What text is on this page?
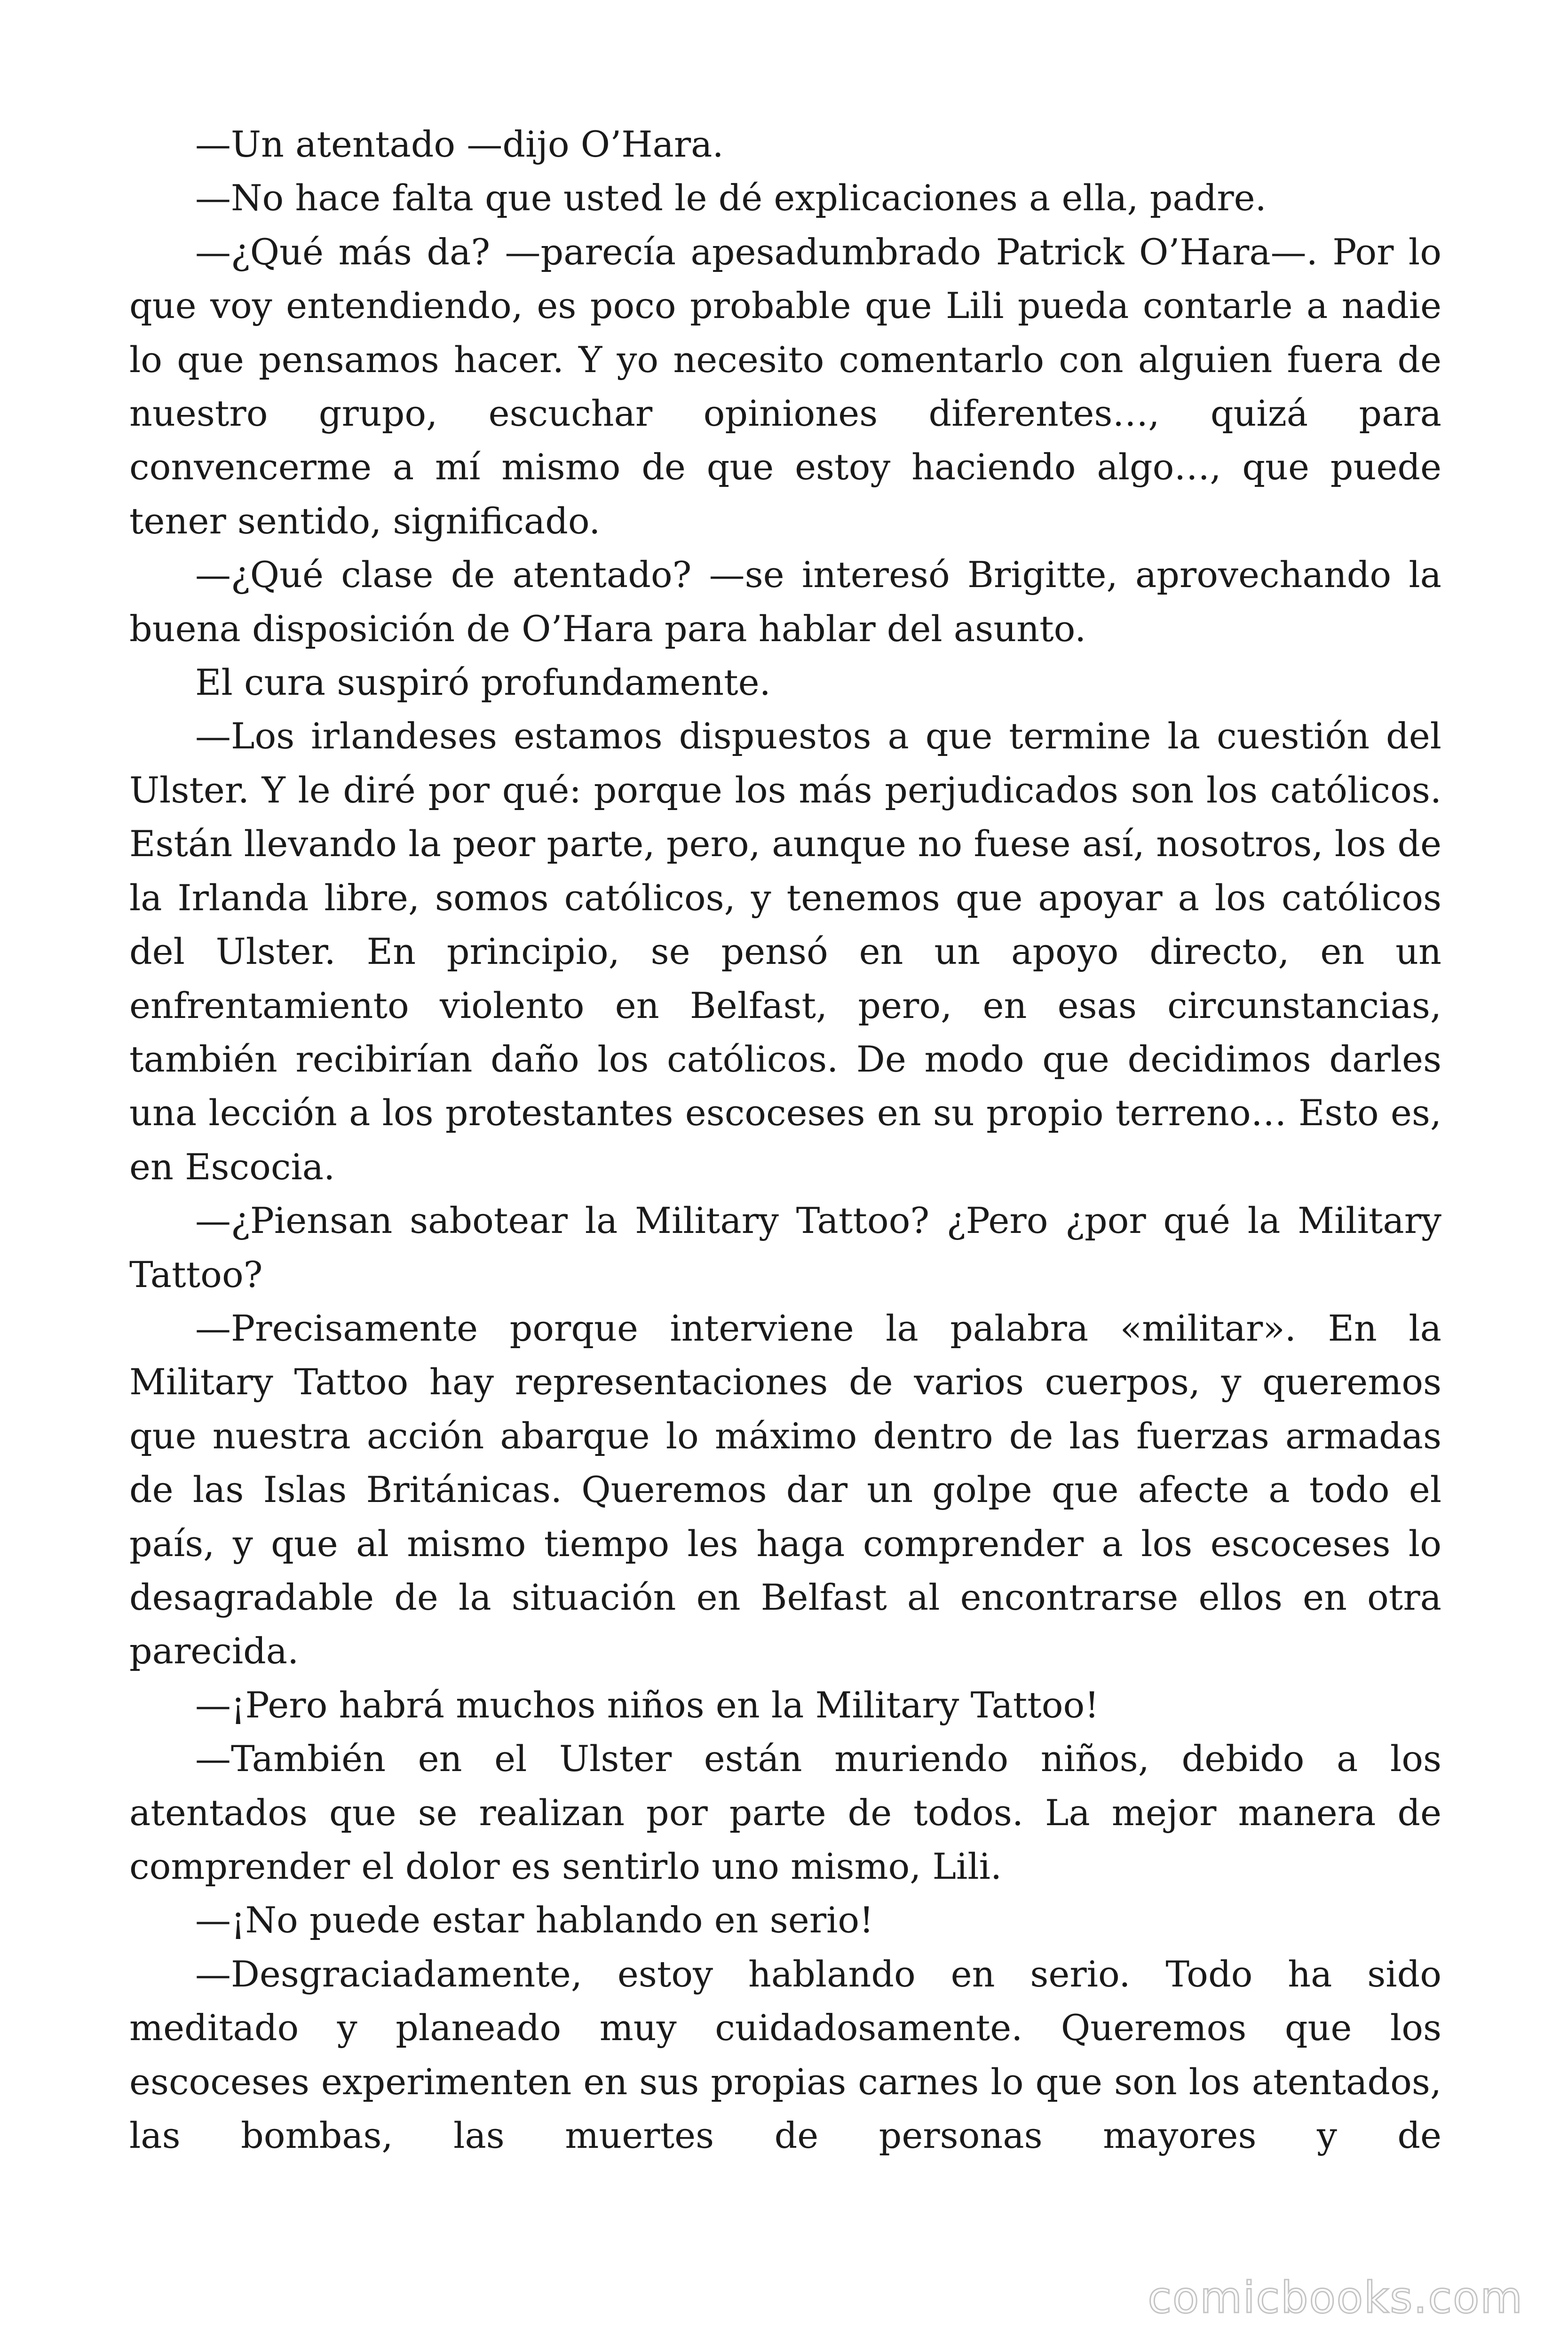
—Un atentado —dijo O’Hara.

—No hace falta que usted le dé explicaciones a ella, padre.

—¿Qué más da? —parecía apesadumbrado Patrick O’Hara—. Por lo que voy entendiendo, es poco probable que Lili pueda contarle a nadie lo que pensamos hacer. Y yo necesito comentarlo con alguien fuera de nuestro grupo, escuchar opiniones diferentes…, quizá para convencerme a mí mismo de que estoy haciendo algo…, que puede tener sentido, significado.

—¿Qué clase de atentado? —se interesó Brigitte, aprovechando la buena disposición de O’Hara para hablar del asunto.

El cura suspiró profundamente.

—Los irlandeses estamos dispuestos a que termine la cuestión del Ulster. Y le diré por qué: porque los más perjudicados son los católicos. Están llevando la peor parte, pero, aunque no fuese así, nosotros, los de la Irlanda libre, somos católicos, y tenemos que apoyar a los católicos del Ulster. En principio, se pensó en un apoyo directo, en un enfrentamiento violento en Belfast, pero, en esas circunstancias, también recibirían daño los católicos. De modo que decidimos darles una lección a los protestantes escoceses en su propio terreno… Esto es, en Escocia.

—¿Piensan sabotear la Military Tattoo? ¿Pero ¿por qué la Military Tattoo?

—Precisamente porque interviene la palabra «militar». En la Military Tattoo hay representaciones de varios cuerpos, y queremos que nuestra acción abarque lo máximo dentro de las fuerzas armadas de las Islas Británicas. Queremos dar un golpe que afecte a todo el país, y que al mismo tiempo les haga comprender a los escoceses lo desagradable de la situación en Belfast al encontrarse ellos en otra parecida.

—¡Pero habrá muchos niños en la Military Tattoo!

—También en el Ulster están muriendo niños, debido a los atentados que se realizan por parte de todos. La mejor manera de comprender el dolor es sentirlo uno mismo, Lili.

—¡No puede estar hablando en serio!

—Desgraciadamente, estoy hablando en serio. Todo ha sido meditado y planeado muy cuidadosamente. Queremos que los escoceses experimenten en sus propias carnes lo que son los atentados, las bombas, las muertes de personas mayores y de

comicbooks.com
